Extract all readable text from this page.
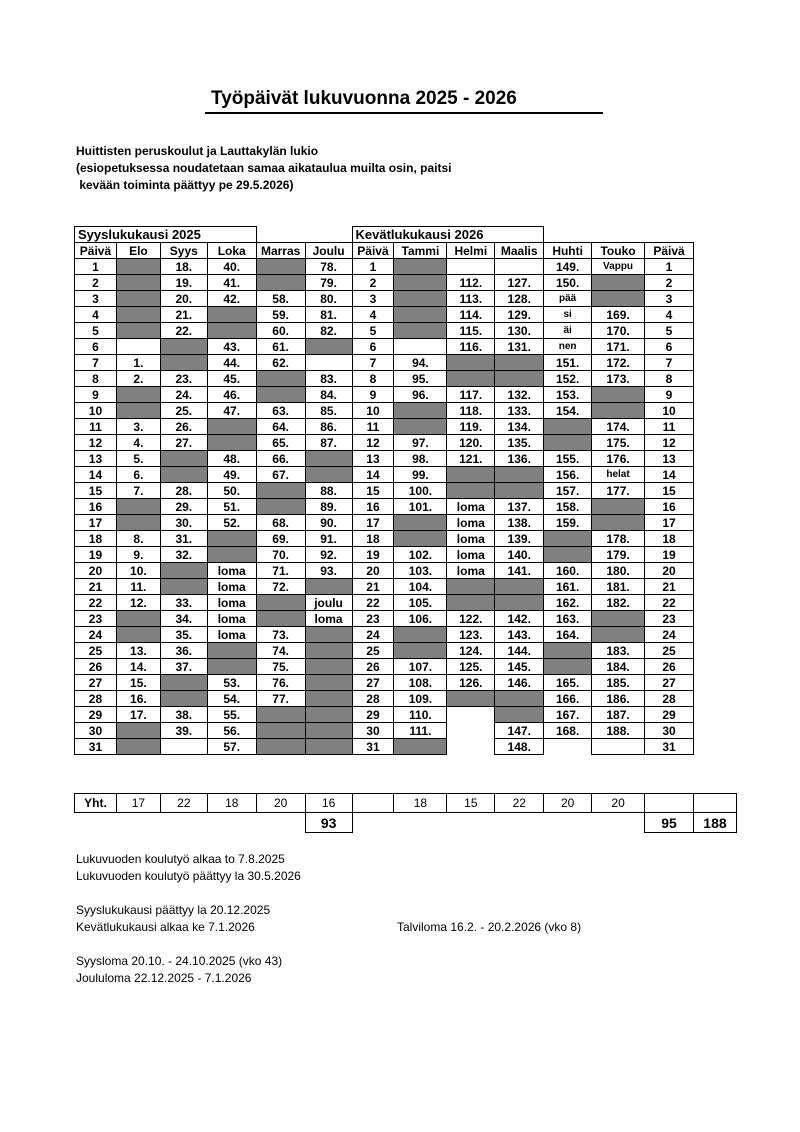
Työpäivät lukuvuonna 2025 - 2026
Huittisten peruskoulut ja Lauttakylän lukio
(esiopetuksessa noudatetaan samaa aikataulua muilta osin, paitsi
kevään toiminta päättyy pe 29.5.2026)
Syyslukukausi 2025						Kevätlukukausi 2026						
Päivä	Elo	Syys	Loka	Marras	Joulu	Päivä	Tammi	Helmi	Maalis	Huhti	Touko	Päivä
1		18.	40.		78.	1				149.	Vappu	1
2		19.	41.		79.	2		112.	127.	150.		2
3		20.	42.	58.	80.	3		113.	128.	pää		3
4		21.		59.	81.	4		114.	129.	si	169.	4
5		22.		60.	82.	5		115.	130.	äi	170.	5
6			43.	61.		6		116.	131.	nen	171.	6
7	1.		44.	62.		7	94.			151.	172.	7
8	2.	23.	45.		83.	8	95.			152.	173.	8
9		24.	46.		84.	9	96.	117.	132.	153.		9
10		25.	47.	63.	85.	10		118.	133.	154.		10
11	3.	26.		64.	86.	11		119.	134.		174.	11
12	4.	27.		65.	87.	12	97.	120.	135.		175.	12
13	5.		48.	66.		13	98.	121.	136.	155.	176.	13
14	6.		49.	67.		14	99.			156.	helat	14
15	7.	28.	50.		88.	15	100.			157.	177.	15
16		29.	51.		89.	16	101.	loma	137.	158.		16
17		30.	52.	68.	90.	17		loma	138.	159.		17
18	8.	31.		69.	91.	18		loma	139.		178.	18
19	9.	32.		70.	92.	19	102.	loma	140.		179.	19
20	10.		loma	71.	93.	20	103.	loma	141.	160.	180.	20
21	11.		loma	72.		21	104.			161.	181.	21
22	12.	33.	loma		joulu	22	105.			162.	182.	22
23		34.	loma		loma	23	106.	122.	142.	163.		23
24		35.	loma	73.		24		123.	143.	164.		24
25	13.	36.		74.		25		124.	144.		183.	25
26	14.	37.		75.		26	107.	125.	145.		184.	26
27	15.		53.	76.		27	108.	126.	146.	165.	185.	27
28	16.		54.	77.		28	109.			166.	186.	28
29	17.	38.	55.			29	110.			167.	187.	29
30		39.	56.			30	111.		147.	168.	188.	30
31			57.			31			148.			31
Yht.	17	22	18	20	16		18	15	22	20	20		
					93							95	188
Lukuvuoden koulutyö alkaa to 7.8.2025
Lukuvuoden koulutyö päättyy la 30.5.2026
Syyslukukausi päättyy la 20.12.2025
Kevätlukukausi alkaa ke 7.1.2026
Syysloma 20.10. - 24.10.2025 (vko 43)
Joululoma 22.12.2025 - 7.1.2026
Talviloma 16.2. - 20.2.2026 (vko 8)
